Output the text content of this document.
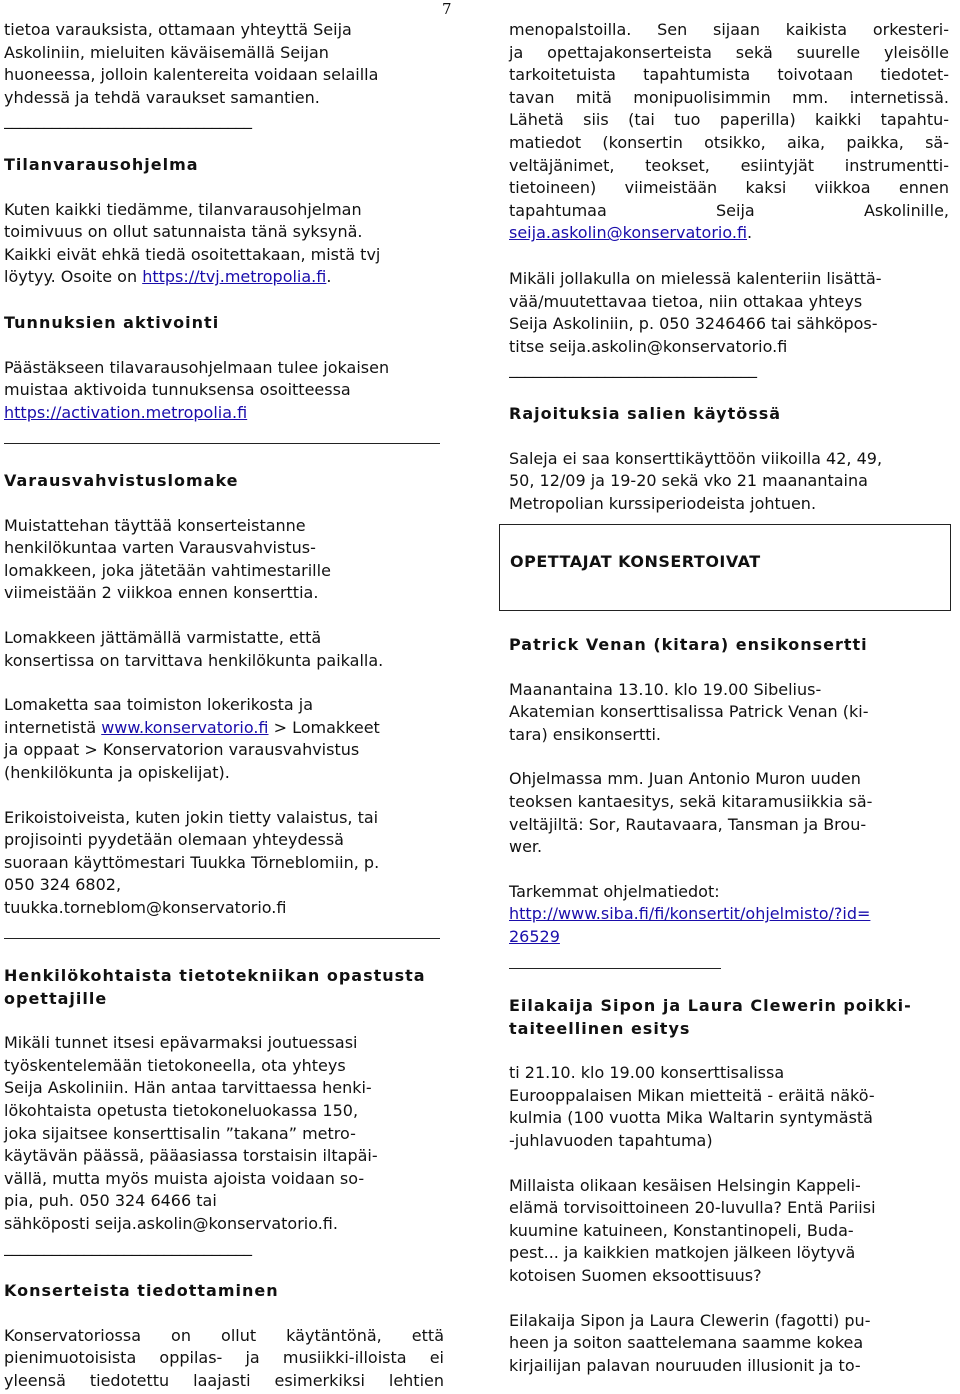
7

tietoa varauksista, ottamaan yhteyttä Seija

Askoliniin, mieluiten käväisemällä Seijan

huoneessa, jolloin kalentereita voidaan selailla

yhdessä ja tehdä varaukset samantien.

_______________________________
Tilanvarausohjelma

Kuten kaikki tiedämme, tilanvarausohjelman

toimivuus on ollut satunnaista tänä syksynä.

Kaikki eivät ehkä tiedä osoitettakaan, mistä tvj

löytyy. Osoite on https://tvj.metropolia.fi.

Tunnuksien aktivointi

Päästäkseen tilavarausohjelmaan tulee jokaisen

muistaa aktivoida tunnuksensa osoitteessa

https://activation.metropolia.fi

Varausvahvistuslomake

Muistattehan täyttää konserteistanne

henkilökuntaa varten Varausvahvistus-

lomakkeen, joka jätetään vahtimestarille

viimeistään 2 viikkoa ennen konserttia.

Lomakkeen jättämällä varmistatte, että

konsertissa on tarvittava henkilökunta paikalla.

Lomaketta saa toimiston lokerikosta ja

internetistä www.konservatorio.fi > Lomakkeet

ja oppaat > Konservatorion varausvahvistus

(henkilökunta ja opiskelijat).

Erikoistoiveista, kuten jokin tietty valaistus, tai

projisointi pyydetään olemaan yhteydessä

suoraan käyttömestari Tuukka Törneblomiin, p.

050 324 6802,

tuukka.torneblom@konservatorio.fi

Henkilökohtaista tietotekniikan opastusta
opettajille

Mikäli tunnet itsesi epävarmaksi joutuessasi

työskentelemään tietokoneella, ota yhteys

Seija Askoliniin. Hän antaa tarvittaessa henki-

lökohtaista opetusta tietokoneluokassa 150,

joka sijaitsee konserttisalin ”takana” metro-

käytävän päässä, pääasiassa torstaisin iltapäi-

vällä, mutta myös muista ajoista voidaan so-

pia, puh. 050 324 6466 tai

sähköposti seija.askolin@konservatorio.fi.

_______________________________
Konserteista tiedottaminen

Konservatoriossa on ollut käytäntönä, että

pienimuotoisista oppilas- ja musiikki-illoista ei

yleensä tiedotettu laajasti esimerkiksi lehtien

menopalstoilla. Sen sijaan kaikista orkesteri-

ja opettajakonserteista sekä suurelle yleisölle

tarkoitetuista tapahtumista toivotaan tiedotet-

tavan mitä monipuolisimmin mm. internetissä.

Lähetä siis (tai tuo paperilla) kaikki tapahtu-

matiedot (konsertin otsikko, aika, paikka, sä-

veltäjänimet, teokset, esiintyjät instrumentti-

tietoineen) viimeistään kaksi viikkoa ennen

tapahtumaa Seija Askolinille,

seija.askolin@konservatorio.fi.

Mikäli jollakulla on mielessä kalenteriin lisättä-

vää/muutettavaa tietoa, niin ottakaa yhteys

Seija Askoliniin, p. 050 3246466 tai sähköpos-

titse seija.askolin@konservatorio.fi

_______________________________
Rajoituksia salien käytössä

Saleja ei saa konserttikäyttöön viikoilla 42, 49,

50, 12/09 ja 19-20 sekä vko 21 maanantaina

Metropolian kurssiperiodeista johtuen.

OPETTAJAT KONSERTOIVAT
Patrick Venan (kitara) ensikonsertti

Maanantaina 13.10. klo 19.00 Sibelius-

Akatemian konserttisalissa Patrick Venan (ki-

tara) ensikonsertti.

Ohjelmassa mm. Juan Antonio Muron uuden

teoksen kantaesitys, sekä kitaramusiikkia sä-

veltäjiltä: Sor, Rautavaara, Tansman ja Brou-

wer.

Tarkemmat ohjelmatiedot:

http://www.siba.fi/fi/konsertit/ohjelmisto/?id=

26529

Eilakaija Sipon ja Laura Clewerin poikki-
taiteellinen esitys

ti 21.10. klo 19.00 konserttisalissa

Eurooppalaisen Mikan mietteitä - eräitä näkö-

kulmia (100 vuotta Mika Waltarin syntymästä

-juhlavuoden tapahtuma)

Millaista olikaan kesäisen Helsingin Kappeli-

elämä torvisoittoineen 20-luvulla? Entä Pariisi

kuumine katuineen, Konstantinopeli, Buda-

pest... ja kaikkien matkojen jälkeen löytyvä

kotoisen Suomen eksoottisuus?

Eilakaija Sipon ja Laura Clewerin (fagotti) pu-

heen ja soiton saattelemana saamme kokea

kirjailijan palavan nouruuden illusionit ja to-
